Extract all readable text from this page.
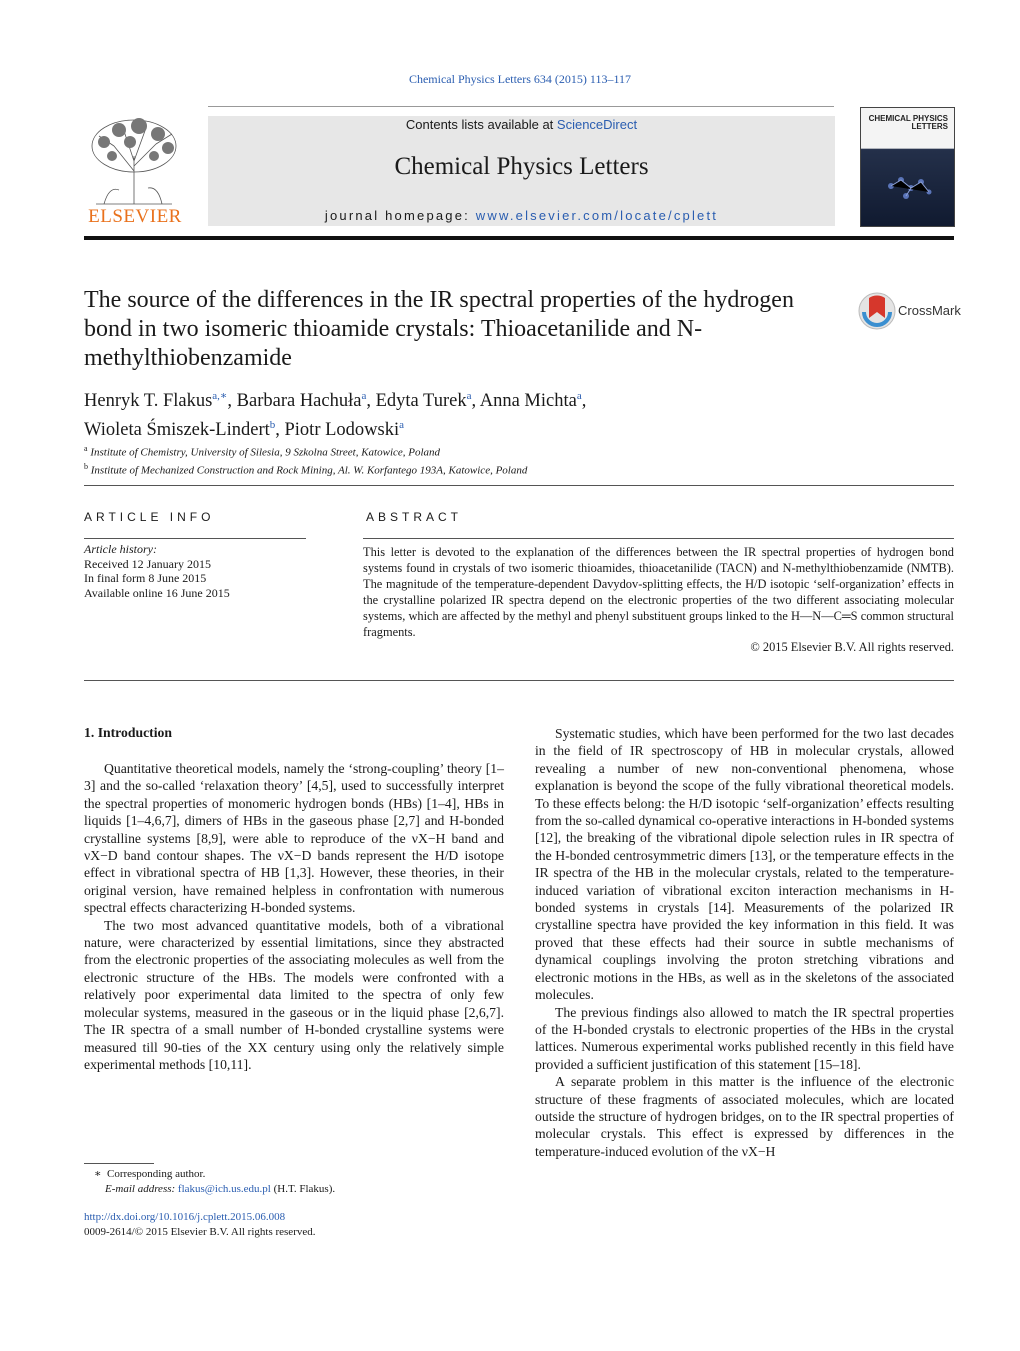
Chemical Physics Letters 634 (2015) 113–117
ELSEVIER
Contents lists available at ScienceDirect
Chemical Physics Letters
journal homepage: www.elsevier.com/locate/cplett
CHEMICAL PHYSICS LETTERS
The source of the differences in the IR spectral properties of the hydrogen bond in two isomeric thioamide crystals: Thioacetanilide and N-methylthiobenzamide
CrossMark
Henryk T. Flakus$^{a,∗}$, Barbara Hachuła$^a$, Edyta Turek$^a$, Anna Michta$^a$,
Wioleta Śmiszek-Lindert$^b$, Piotr Lodowski$^a$
$^a$ Institute of Chemistry, University of Silesia, 9 Szkolna Street, Katowice, Poland
$^b$ Institute of Mechanized Construction and Rock Mining, Al. W. Korfantego 193A, Katowice, Poland
ARTICLE INFO	ABSTRACT
Article history:
Received 12 January 2015
In final form 8 June 2015
Available online 16 June 2015
This letter is devoted to the explanation of the differences between the IR spectral properties of hydrogen bond systems found in crystals of two isomeric thioamides, thioacetanilide (TACN) and N-methylthiobenzamide (NMTB). The magnitude of the temperature-dependent Davydov-splitting effects, the H/D isotopic ‘self-organization’ effects in the crystalline polarized IR spectra depend on the electronic properties of the two different associating molecular systems, which are affected by the methyl and phenyl substituent groups linked to the H—N—C═S common structural fragments.
© 2015 Elsevier B.V. All rights reserved.
1. Introduction

Quantitative theoretical models, namely the ‘strong-coupling’ theory [1–3] and the so-called ‘relaxation theory’ [4,5], used to successfully interpret the spectral properties of monomeric hydrogen bonds (HBs) [1–4], HBs in liquids [1–4,6,7], dimers of HBs in the gaseous phase [2,7] and H-bonded crystalline systems [8,9], were able to reproduce of the νX−H band and νX−D band contour shapes. The νX−D bands represent the H/D isotope effect in vibrational spectra of HB [1,3]. However, these theories, in their original version, have remained helpless in confrontation with numerous spectral effects characterizing H-bonded systems.

The two most advanced quantitative models, both of a vibrational nature, were characterized by essential limitations, since they abstracted from the electronic properties of the associating molecules as well from the electronic structure of the HBs. The models were confronted with a relatively poor experimental data limited to the spectra of only few molecular systems, measured in the gaseous or in the liquid phase [2,6,7]. The IR spectra of a small number of H-bonded crystalline systems were measured till 90-ties of the XX century using only the relatively simple experimental methods [10,11].

Systematic studies, which have been performed for the two last decades in the field of IR spectroscopy of HB in molecular crystals, allowed revealing a number of new non-conventional phenomena, whose explanation is beyond the scope of the fully vibrational theoretical models. To these effects belong: the H/D isotopic ‘self-organization’ effects resulting from the so-called dynamical co-operative interactions in H-bonded systems [12], the breaking of the vibrational dipole selection rules in IR spectra of the H-bonded centrosymmetric dimers [13], or the temperature effects in the IR spectra of the HB in the molecular crystals, related to the temperature-induced variation of vibrational exciton interaction mechanisms in H-bonded systems in crystals [14]. Measurements of the polarized IR crystalline spectra have provided the key information in this field. It was proved that these effects had their source in subtle mechanisms of dynamical couplings involving the proton stretching vibrations and electronic motions in the HBs, as well as in the skeletons of the associated molecules.

The previous findings also allowed to match the IR spectral properties of the H-bonded crystals to electronic properties of the HBs in the crystal lattices. Numerous experimental works published recently in this field have provided a sufficient justification of this statement [15–18].

A separate problem in this matter is the influence of the electronic structure of these fragments of associated molecules, which are located outside the structure of hydrogen bridges, on to the IR spectral properties of molecular crystals. This effect is expressed by differences in the temperature-induced evolution of the νX−H

∗ Corresponding author.
E-mail address: flakus@ich.us.edu.pl (H.T. Flakus).
http://dx.doi.org/10.1016/j.cplett.2015.06.008
0009-2614/© 2015 Elsevier B.V. All rights reserved.
